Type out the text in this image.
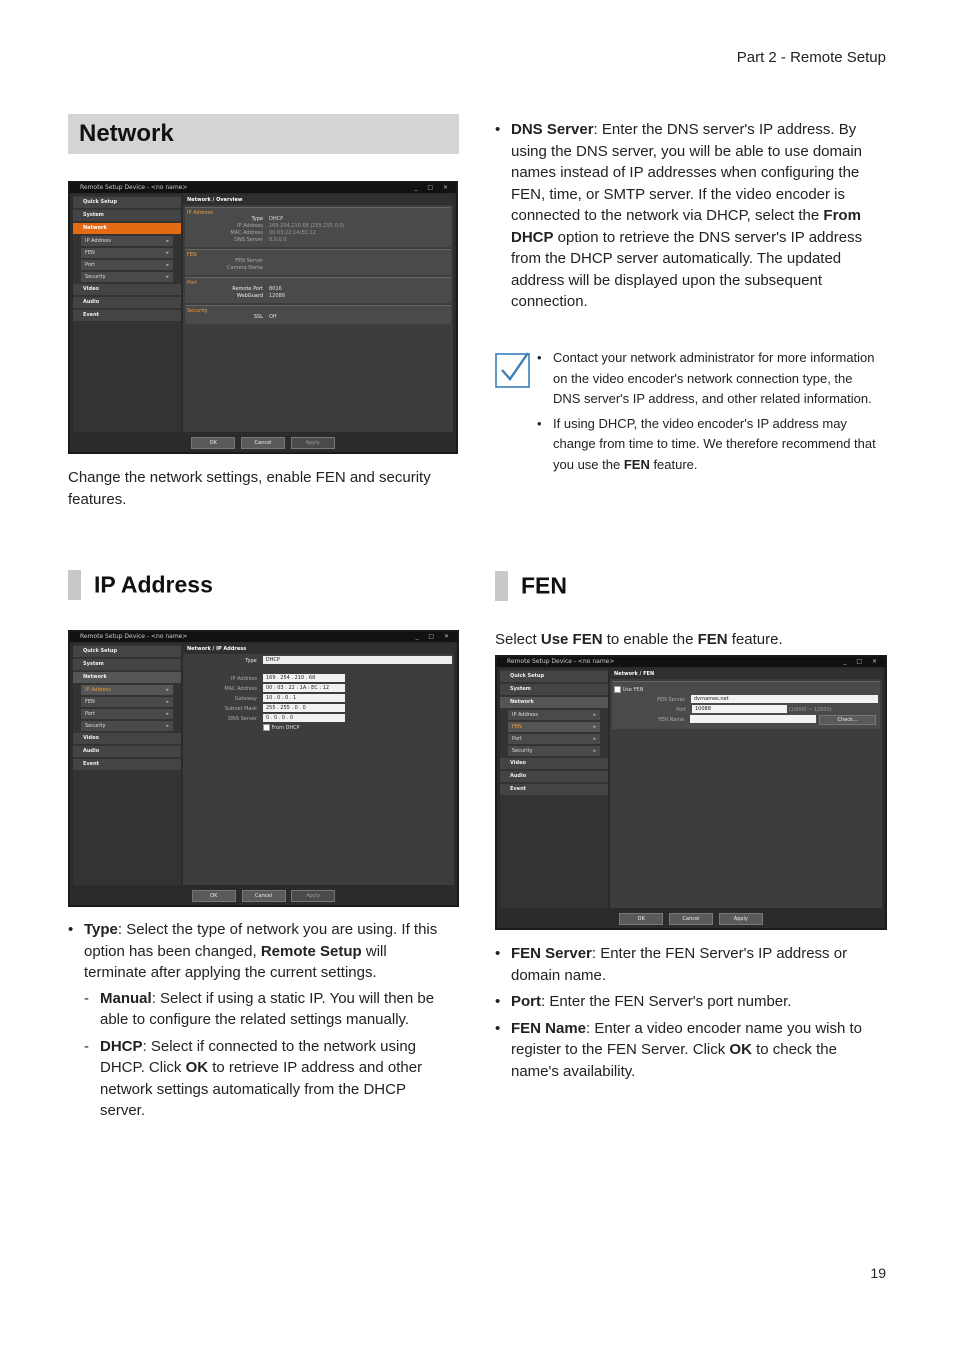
Part 2 - Remote Setup
Network
Remote Setup Device - <no name>	_ □ ✕
Quick Setup
System
Network
IP Address ▸
FEN ▸
Port ▸
Security ▸
Video
Audio
Event
Network / Overview
IP Address
Type	DHCP
IP Address	169.254.210.68 (255.255.0.0)
MAC Address	00:03:22:1A:EC:12
DNS Server	0.0.0.0
FEN
FEN Server
Camera Name
Port
Remote Port	8016
WebGuard	12088
Security
SSL	Off
OK	Cancel	Apply
Change the network settings, enable FEN and security features.
• DNS Server: Enter the DNS server's IP address. By using the DNS server, you will be able to use domain names instead of IP addresses when configuring the FEN, time, or SMTP server. If the video encoder is connected to the network via DHCP, select the From DHCP option to retrieve the DNS server's IP address from the DHCP server automatically. The updated address will be displayed upon the subsequent connection.
• Contact your network administrator for more information on the video encoder's network connection type, the DNS server's IP address, and other related information.
• If using DHCP, the video encoder's IP address may change from time to time. We therefore recommend that you use the FEN feature.
IP Address
Remote Setup Device - <no name>	_ □ ✕
Quick Setup
System
Network
IP Address ▸
FEN ▸
Port ▸
Security ▸
Video
Audio
Event
Network / IP Address
Type	DHCP
IP Address	169 . 254 . 210 . 68
MAC Address	00 : 03 : 22 : 1A : EC : 12
Gateway	10 . 0 . 0 . 1
Subnet Mask	255 . 255 . 0 . 0
DNS Server	0 . 0 . 0 . 0

From DHCP
OK	Cancel	Apply
• Type: Select the type of network you are using. If this option has been changed, Remote Setup will terminate after applying the current settings.
- Manual: Select if using a static IP. You will then be able to configure the related settings manually.
- DHCP: Select if connected to the network using DHCP. Click OK to retrieve IP address and other network settings automatically from the DHCP server.
FEN
Select Use FEN to enable the FEN feature.
Remote Setup Device - <no name>	_ □ ✕
Quick Setup
System
Network
IP Address ▸
FEN ▸
Port ▸
Security ▸
Video
Audio
Event
Network / FEN

Use FEN
FEN Server	dvrnames.net
Port	10088
	(10000 ~ 12000)
FEN Name
	Check...
OK	Cancel	Apply
• FEN Server: Enter the FEN Server's IP address or domain name.
• Port: Enter the FEN Server's port number.
• FEN Name: Enter a video encoder name you wish to register to the FEN Server. Click OK to check the name's availability.
19
